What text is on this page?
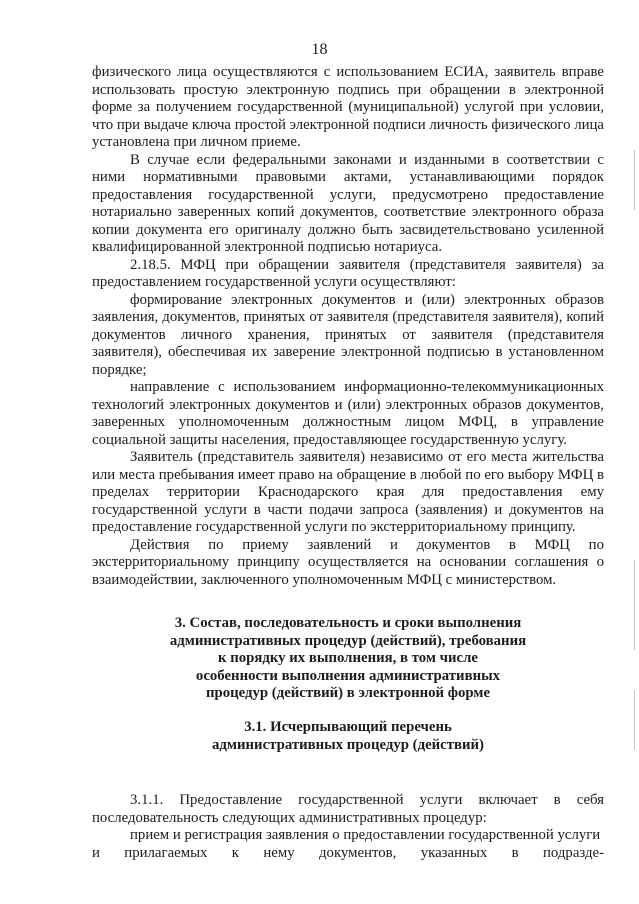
18

физического лица осуществляются с использованием ЕСИА, заявитель вправе использовать простую электронную подпись при обращении в электронной форме за получением государственной (муниципальной) услугой при условии, что при выдаче ключа простой электронной подписи личность физического лица установлена при личном приеме.

В случае если федеральными законами и изданными в соответствии с ними нормативными правовыми актами, устанавливающими порядок предоставления государственной услуги, предусмотрено предоставление нотариально заверенных копий документов, соответствие электронного образа копии документа его оригиналу должно быть засвидетельствовано усиленной квалифицированной электронной подписью нотариуса.

2.18.5. МФЦ при обращении заявителя (представителя заявителя) за предоставлением государственной услуги осуществляют:

формирование электронных документов и (или) электронных образов заявления, документов, принятых от заявителя (представителя заявителя), копий документов личного хранения, принятых от заявителя (представителя заявителя), обеспечивая их заверение электронной подписью в установленном порядке;

направление с использованием информационно-телекоммуникационных технологий электронных документов и (или) электронных образов документов, заверенных уполномоченным должностным лицом МФЦ, в управление социальной защиты населения, предоставляющее государственную услугу.

Заявитель (представитель заявителя) независимо от его места жительства или места пребывания имеет право на обращение в любой по его выбору МФЦ в пределах территории Краснодарского края для предоставления ему государственной услуги в части подачи запроса (заявления) и документов на предоставление государственной услуги по экстерриториальному принципу.

Действия по приему заявлений и документов в МФЦ по экстерриториальному принципу осуществляется на основании соглашения о взаимодействии, заключенного уполномоченным МФЦ с министерством.

3. Состав, последовательность и сроки выполнения
административных процедур (действий), требования
к порядку их выполнения, в том числе
особенности выполнения административных
процедур (действий) в электронной форме
3.1. Исчерпывающий перечень
административных процедур (действий)

3.1.1. Предоставление государственной услуги включает в себя последовательность следующих административных процедур:

прием и регистрация заявления о предоставлении государственной услуги

и прилагаемых к нему документов, указанных в подразде-
